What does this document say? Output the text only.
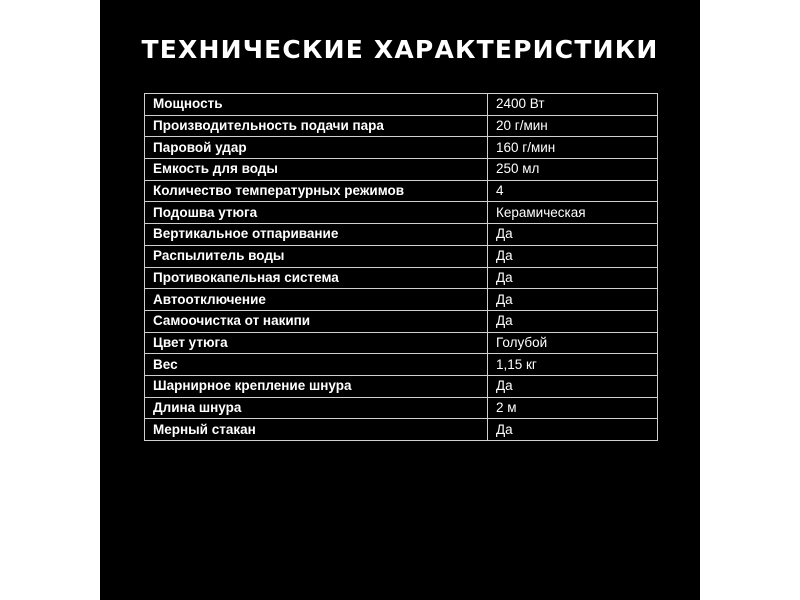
ТЕХНИЧЕСКИЕ ХАРАКТЕРИСТИКИ
Мощность	2400 Вт
Производительность подачи пара	20 г/мин
Паровой удар	160 г/мин
Емкость для воды	250 мл
Количество температурных режимов	4
Подошва утюга	Керамическая
Вертикальное отпаривание	Да
Распылитель воды	Да
Противокапельная система	Да
Автоотключение	Да
Самоочистка от накипи	Да
Цвет утюга	Голубой
Вес	1,15 кг
Шарнирное крепление шнура	Да
Длина шнура	2 м
Мерный стакан	Да
